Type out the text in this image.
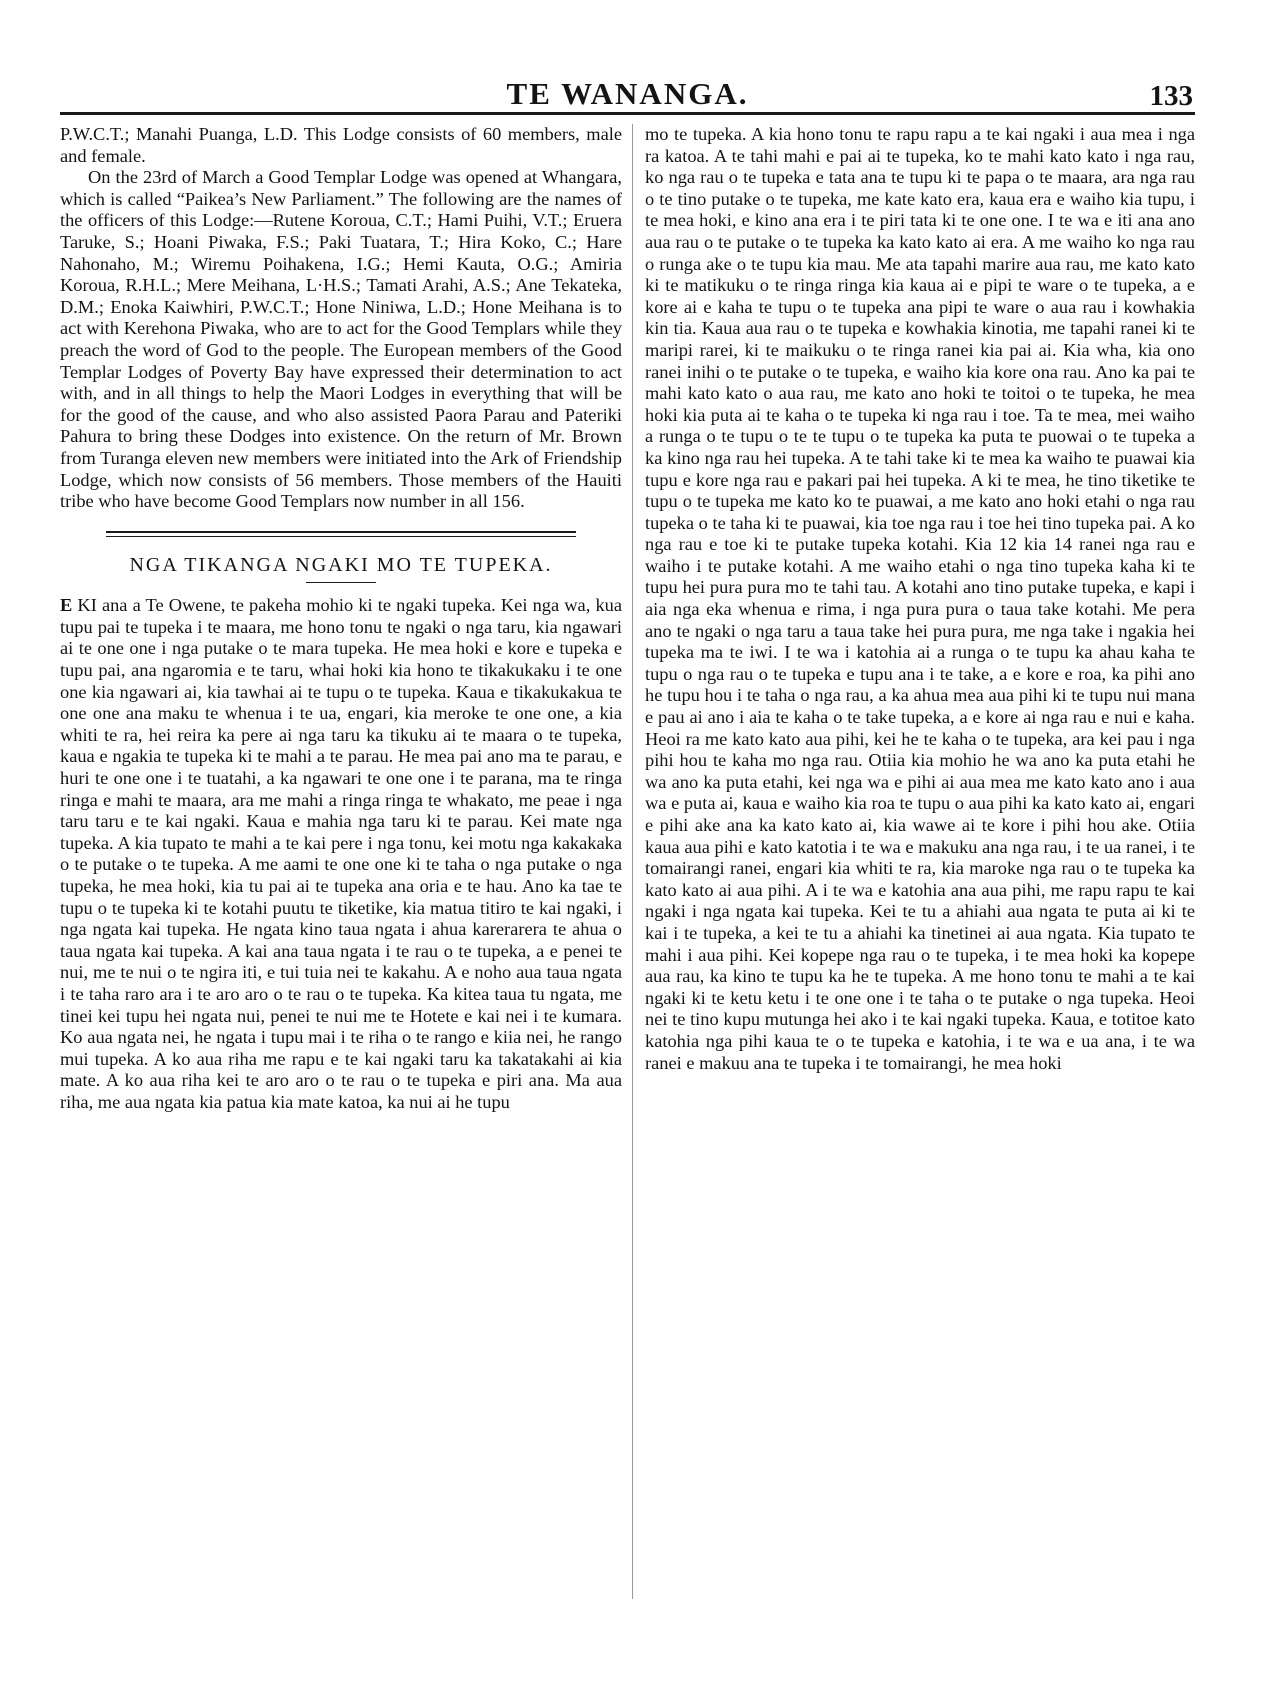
TE WANANGA.	133

P.W.C.T.; Manahi Puanga, L.D. This Lodge consists of 60 members, male and female.

On the 23rd of March a Good Templar Lodge was opened at Whangara, which is called “Paikea’s New Parliament.” The following are the names of the officers of this Lodge:—Rutene Koroua, C.T.; Hami Puihi, V.T.; Eruera Taruke, S.; Hoani Piwaka, F.S.; Paki Tuatara, T.; Hira Koko, C.; Hare Nahonaho, M.; Wiremu Poihakena, I.G.; Hemi Kauta, O.G.; Amiria Koroua, R.H.L.; Mere Meihana, L·H.S.; Tamati Arahi, A.S.; Ane Tekateka, D.M.; Enoka Kaiwhiri, P.W.C.T.; Hone Niniwa, L.D.; Hone Meihana is to act with Kerehona Piwaka, who are to act for the Good Templars while they preach the word of God to the people. The European members of the Good Templar Lodges of Poverty Bay have expressed their determination to act with, and in all things to help the Maori Lodges in everything that will be for the good of the cause, and who also assisted Paora Parau and Pateriki Pahura to bring these Dodges into existence. On the return of Mr. Brown from Turanga eleven new members were initiated into the Ark of Friendship Lodge, which now consists of 56 members. Those members of the Hauiti tribe who have become Good Templars now number in all 156.

NGA TIKANGA NGAKI MO TE TUPEKA.

E KI ana a Te Owene, te pakeha mohio ki te ngaki tupeka. Kei nga wa, kua tupu pai te tupeka i te maara, me hono tonu te ngaki o nga taru, kia ngawari ai te one one i nga putake o te mara tupeka. He mea hoki e kore e tupeka e tupu pai, ana ngaromia e te taru, whai hoki kia hono te tikakukaku i te one one kia ngawari ai, kia tawhai ai te tupu o te tupeka. Kaua e tikakukakua te one one ana maku te whenua i te ua, engari, kia meroke te one one, a kia whiti te ra, hei reira ka pere ai nga taru ka tikuku ai te maara o te tupeka, kaua e ngakia te tupeka ki te mahi a te parau. He mea pai ano ma te parau, e huri te one one i te tuatahi, a ka ngawari te one one i te parana, ma te ringa ringa e mahi te maara, ara me mahi a ringa ringa te whakato, me peae i nga taru taru e te kai ngaki. Kaua e mahia nga taru ki te parau. Kei mate nga tupeka. A kia tupato te mahi a te kai pere i nga tonu, kei motu nga kakakaka o te putake o te tupeka. A me aami te one one ki te taha o nga putake o nga tupeka, he mea hoki, kia tu pai ai te tupeka ana oria e te hau. Ano ka tae te tupu o te tupeka ki te kotahi puutu te tiketike, kia matua titiro te kai ngaki, i nga ngata kai tupeka. He ngata kino taua ngata i ahua karerarera te ahua o taua ngata kai tupeka. A kai ana taua ngata i te rau o te tupeka, a e penei te nui, me te nui o te ngira iti, e tui tuia nei te kakahu. A e noho aua taua ngata i te taha raro ara i te aro aro o te rau o te tupeka. Ka kitea taua tu ngata, me tinei kei tupu hei ngata nui, penei te nui me te Hotete e kai nei i te kumara. Ko aua ngata nei, he ngata i tupu mai i te riha o te rango e kiia nei, he rango mui tupeka. A ko aua riha me rapu e te kai ngaki taru ka takatakahi ai kia mate. A ko aua riha kei te aro aro o te rau o te tupeka e piri ana. Ma aua riha, me aua ngata kia patua kia mate katoa, ka nui ai he tupu

mo te tupeka. A kia hono tonu te rapu rapu a te kai ngaki i aua mea i nga ra katoa. A te tahi mahi e pai ai te tupeka, ko te mahi kato kato i nga rau, ko nga rau o te tupeka e tata ana te tupu ki te papa o te maara, ara nga rau o te tino putake o te tupeka, me kate kato era, kaua era e waiho kia tupu, i te mea hoki, e kino ana era i te piri tata ki te one one. I te wa e iti ana ano aua rau o te putake o te tupeka ka kato kato ai era. A me waiho ko nga rau o runga ake o te tupu kia mau. Me ata tapahi marire aua rau, me kato kato ki te matikuku o te ringa ringa kia kaua ai e pipi te ware o te tupeka, a e kore ai e kaha te tupu o te tupeka ana pipi te ware o aua rau i kowhakia kin tia. Kaua aua rau o te tupeka e kowhakia kinotia, me tapahi ranei ki te maripi rarei, ki te maikuku o te ringa ranei kia pai ai. Kia wha, kia ono ranei inihi o te putake o te tupeka, e waiho kia kore ona rau. Ano ka pai te mahi kato kato o aua rau, me kato ano hoki te toitoi o te tupeka, he mea hoki kia puta ai te kaha o te tupeka ki nga rau i toe. Ta te mea, mei waiho a runga o te tupu o te te tupu o te tupeka ka puta te puowai o te tupeka a ka kino nga rau hei tupeka. A te tahi take ki te mea ka waiho te puawai kia tupu e kore nga rau e pakari pai hei tupeka. A ki te mea, he tino tiketike te tupu o te tupeka me kato ko te puawai, a me kato ano hoki etahi o nga rau tupeka o te taha ki te puawai, kia toe nga rau i toe hei tino tupeka pai. A ko nga rau e toe ki te putake tupeka kotahi. Kia 12 kia 14 ranei nga rau e waiho i te putake kotahi. A me waiho etahi o nga tino tupeka kaha ki te tupu hei pura pura mo te tahi tau. A kotahi ano tino putake tupeka, e kapi i aia nga eka whenua e rima, i nga pura pura o taua take kotahi. Me pera ano te ngaki o nga taru a taua take hei pura pura, me nga take i ngakia hei tupeka ma te iwi. I te wa i katohia ai a runga o te tupu ka ahau kaha te tupu o nga rau o te tupeka e tupu ana i te take, a e kore e roa, ka pihi ano he tupu hou i te taha o nga rau, a ka ahua mea aua pihi ki te tupu nui mana e pau ai ano i aia te kaha o te take tupeka, a e kore ai nga rau e nui e kaha. Heoi ra me kato kato aua pihi, kei he te kaha o te tupeka, ara kei pau i nga pihi hou te kaha mo nga rau. Otiia kia mohio he wa ano ka puta etahi he wa ano ka puta etahi, kei nga wa e pihi ai aua mea me kato kato ano i aua wa e puta ai, kaua e waiho kia roa te tupu o aua pihi ka kato kato ai, engari e pihi ake ana ka kato kato ai, kia wawe ai te kore i pihi hou ake. Otiia kaua aua pihi e kato katotia i te wa e makuku ana nga rau, i te ua ranei, i te tomairangi ranei, engari kia whiti te ra, kia maroke nga rau o te tupeka ka kato kato ai aua pihi. A i te wa e katohia ana aua pihi, me rapu rapu te kai ngaki i nga ngata kai tupeka. Kei te tu a ahiahi aua ngata te puta ai ki te kai i te tupeka, a kei te tu a ahiahi ka tinetinei ai aua ngata. Kia tupato te mahi i aua pihi. Kei kopepe nga rau o te tupeka, i te mea hoki ka kopepe aua rau, ka kino te tupu ka he te tupeka. A me hono tonu te mahi a te kai ngaki ki te ketu ketu i te one one i te taha o te putake o nga tupeka. Heoi nei te tino kupu mutunga hei ako i te kai ngaki tupeka. Kaua, e totitoe kato katohia nga pihi kaua te o te tupeka e katohia, i te wa e ua ana, i te wa ranei e makuu ana te tupeka i te tomairangi, he mea hoki
